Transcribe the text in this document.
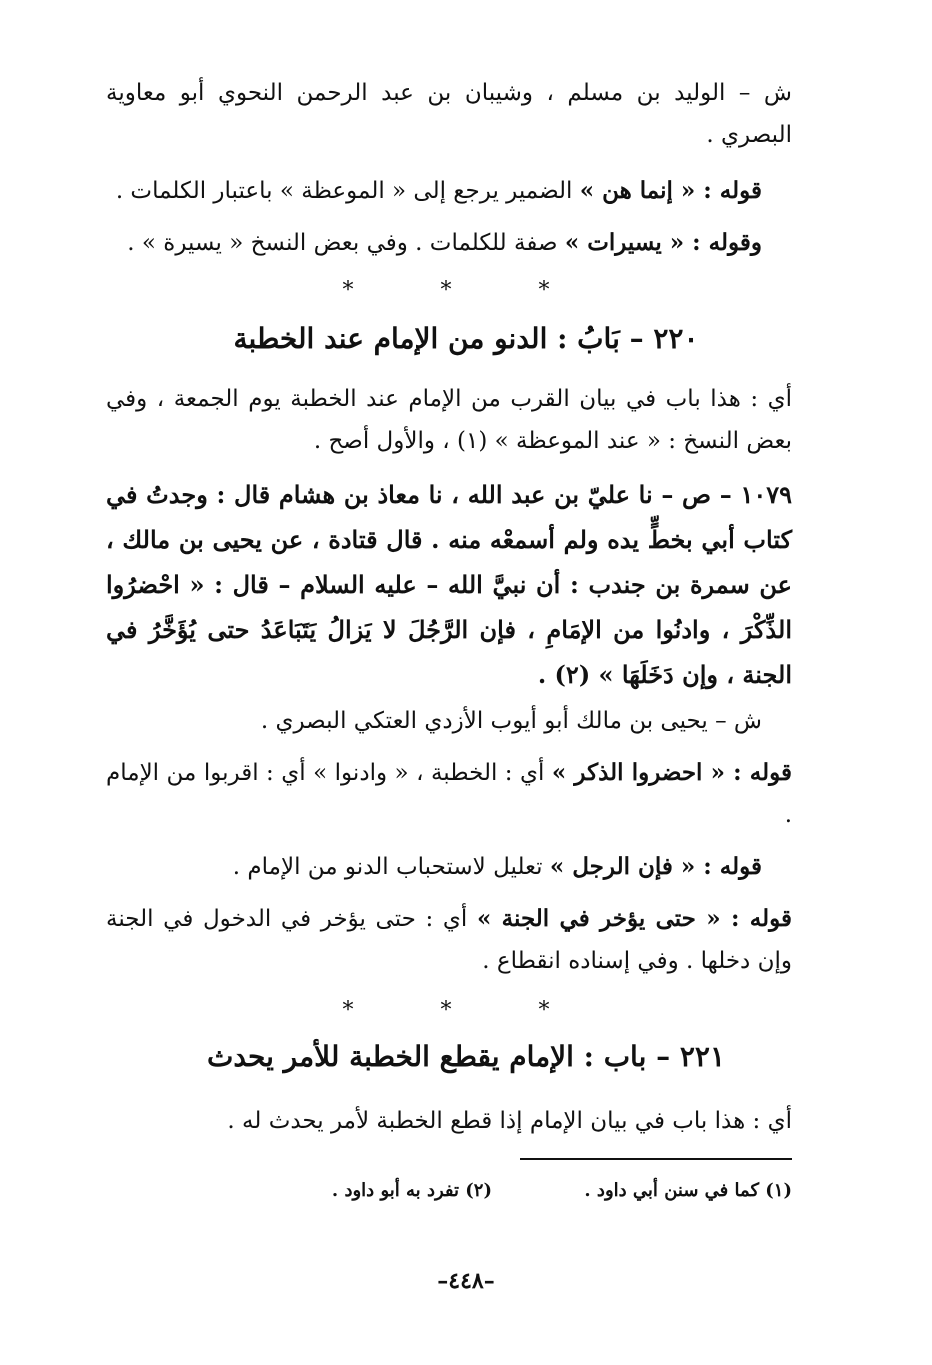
ش – الوليد بن مسلم ، وشيبان بن عبد الرحمن النحوي أبو معاوية
البصري .
قوله : « إنما هن » الضمير يرجع إلى « الموعظة » باعتبار الكلمات .
وقوله : « يسيرات » صفة للكلمات . وفي بعض النسخ « يسيرة » .
* * *
٢٢٠ – بَابُ : الدنو من الإمام عند الخطبة
أي : هذا باب في بيان القرب من الإمام عند الخطبة يوم الجمعة ، وفي بعض النسخ : « عند الموعظة » (١) ، والأول أصح .
١٠٧٩ – ص – نا عليّ بن عبد الله ، نا معاذ بن هشام قال : وجدتُ في كتاب أبي بخطٍّ يده ولم أسمعْه منه . قال قتادة ، عن يحيى بن مالك ، عن سمرة بن جندب : أن نبيَّ الله – عليه السلام – قال : « احْضرُوا الذِّكْرَ ، وادنُوا من الإمَامِ ، فإن الرَّجُلَ لا يَزالُ يَتَبَاعَدُ حتى يُؤَخَّرُ في الجنة ، وإن دَخَلَهَا » (٢) .
ش – يحيى بن مالك أبو أيوب الأزدي العتكي البصري .
قوله : « احضروا الذكر » أي : الخطبة ، « وادنوا » أي : اقربوا من الإمام .
قوله : « فإن الرجل » تعليل لاستحباب الدنو من الإمام .
قوله : « حتى يؤخر في الجنة » أي : حتى يؤخر في الدخول في الجنة وإن دخلها . وفي إسناده انقطاع .
* * *
٢٢١ – باب : الإمام يقطع الخطبة للأمر يحدث
أي : هذا باب في بيان الإمام إذا قطع الخطبة لأمر يحدث له .
(١) كما في سنن أبي داود .
(٢) تفرد به أبو داود .
–٤٤٨–
